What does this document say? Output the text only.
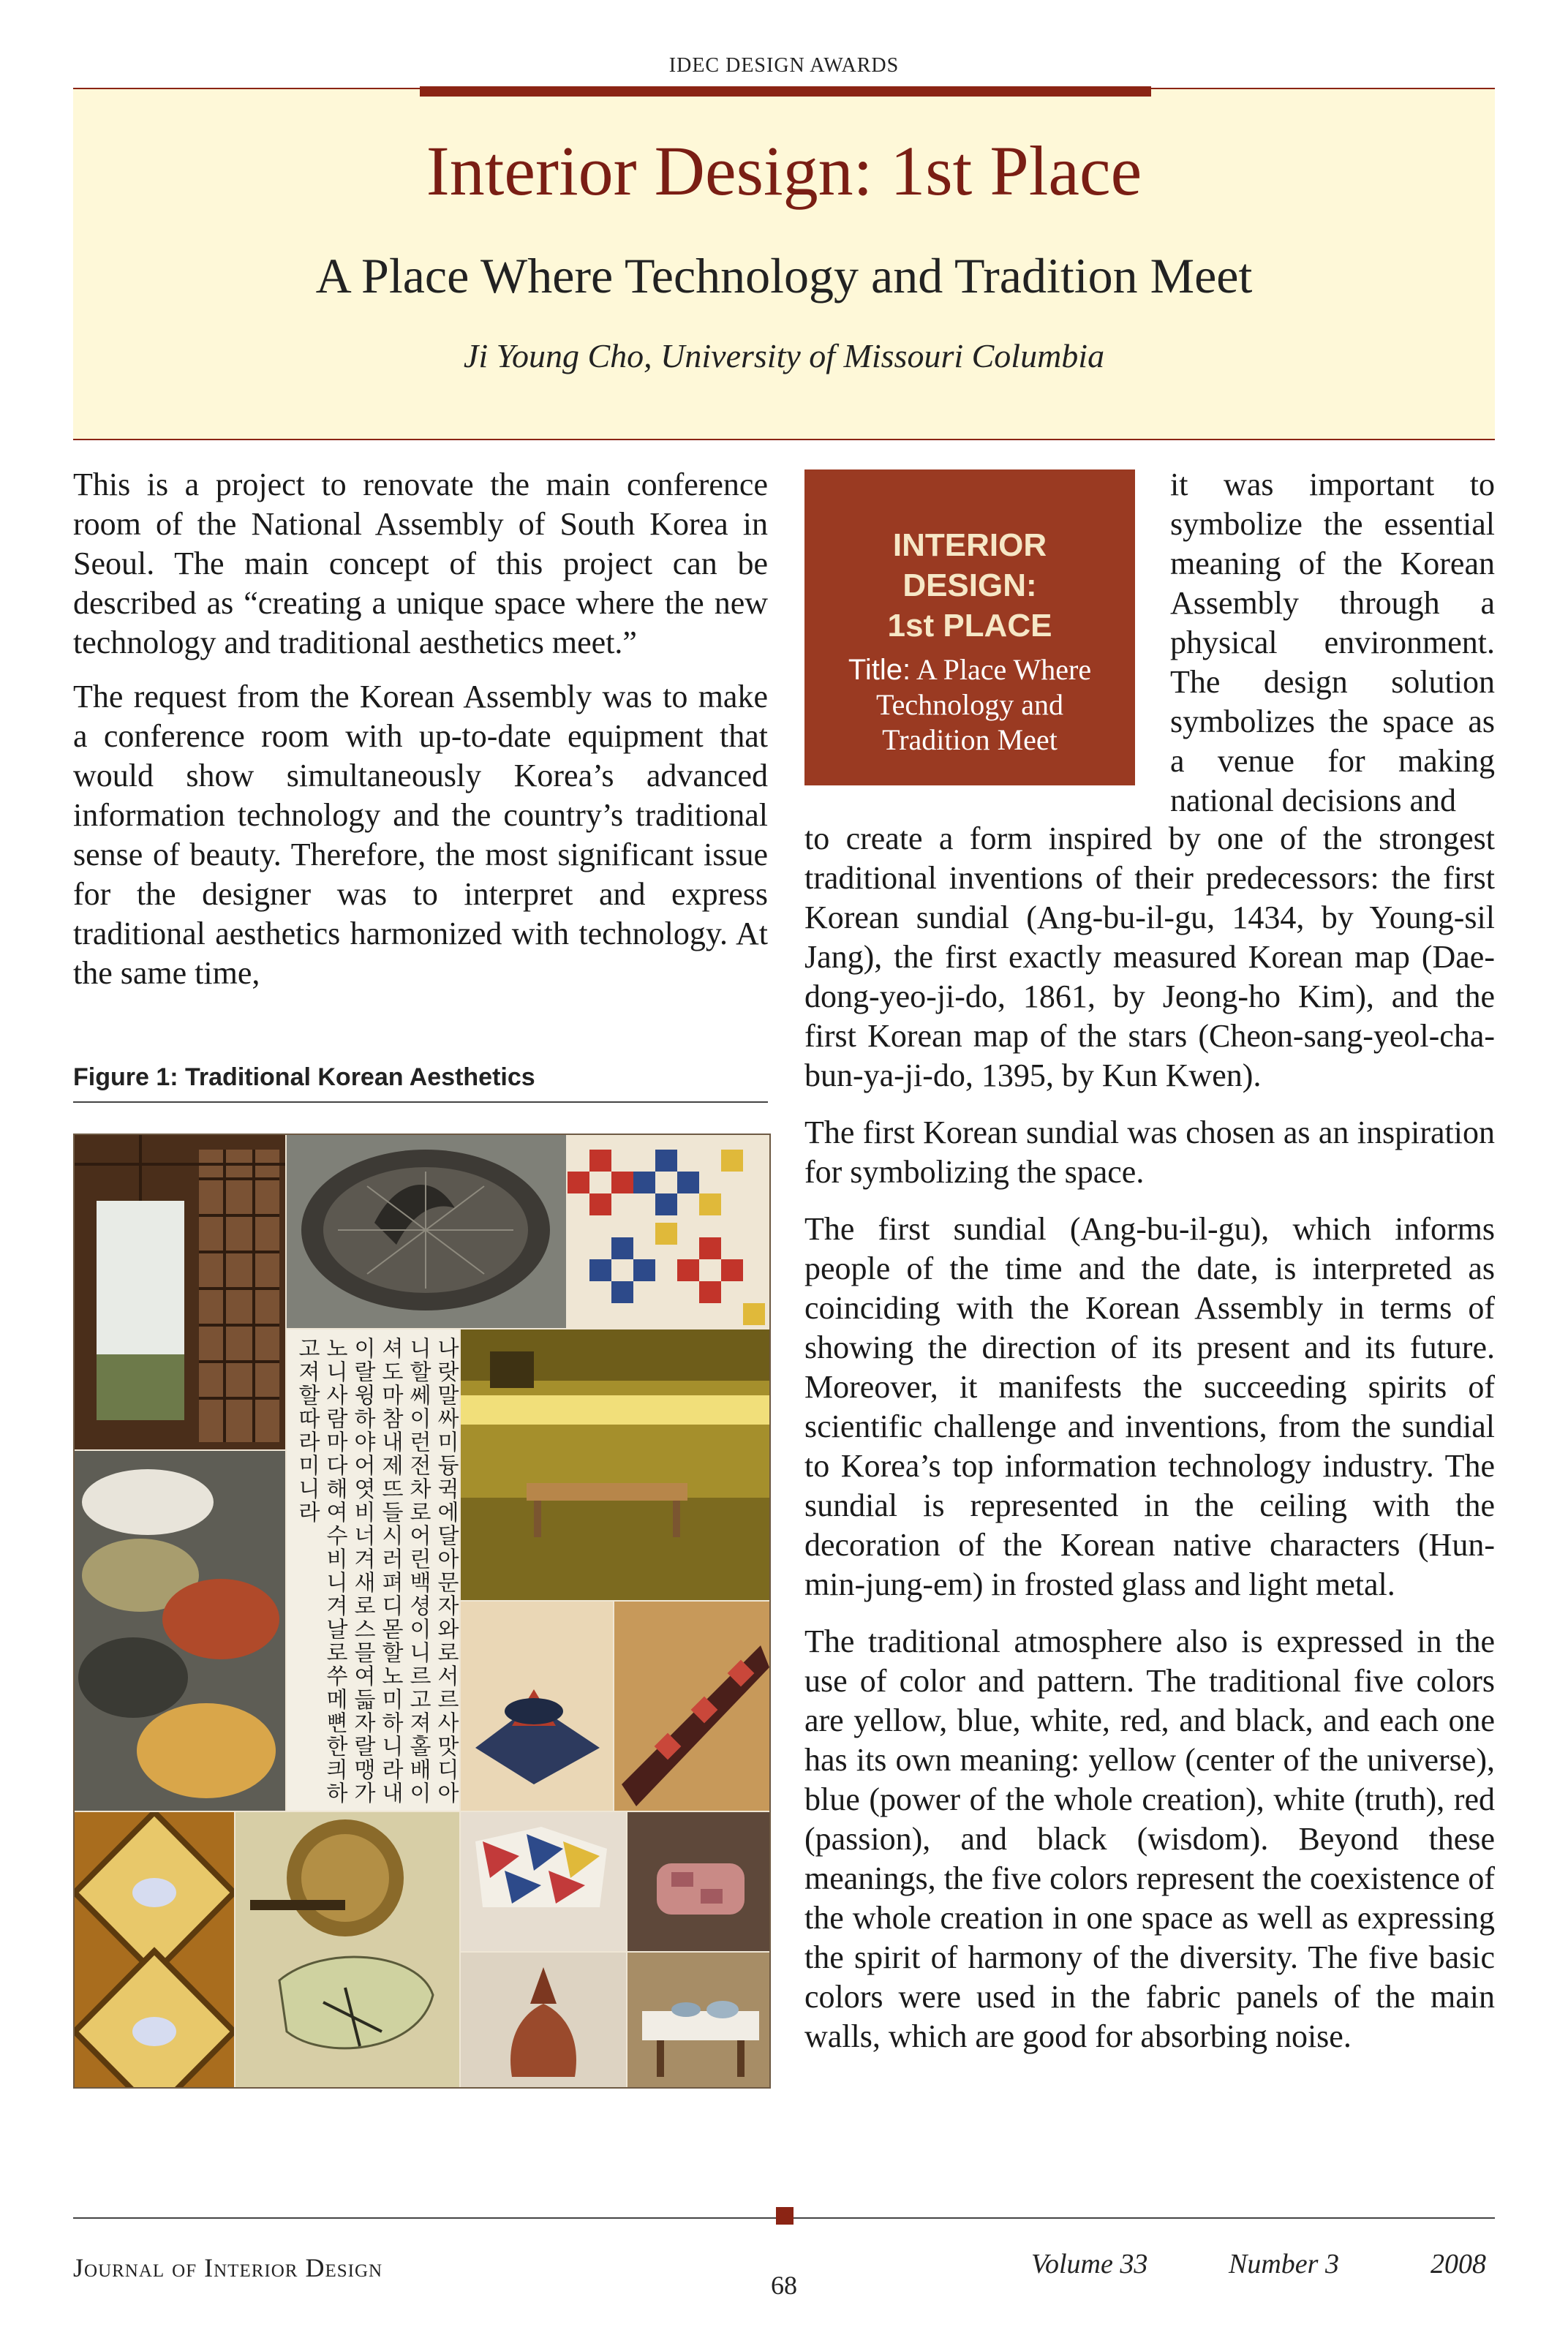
IDEC DESIGN AWARDS
Interior Design: 1st Place
A Place Where Technology and Tradition Meet
Ji Young Cho, University of Missouri Columbia

This is a project to renovate the main conference room of the National Assembly of South Korea in Seoul. The main concept of this project can be described as “creating a unique space where the new technology and traditional aesthetics meet.”

The request from the Korean Assembly was to make a conference room with up-to-date equipment that would show simultaneously Korea’s advanced information technology and the country’s traditional sense of beauty. Therefore, the most significant issue for the designer was to interpret and express traditional aesthetics harmonized with technology. At the same time,

INTERIOR
DESIGN:
1st PLACE
Title: A Place Where Technology and Tradition Meet

it was important to symbolize the essential meaning of the Korean Assembly through a physical environment. The design solution symbolizes the space as a venue for making national decisions and

to create a form inspired by one of the strongest traditional inventions of their predecessors: the first Korean sundial (Ang-bu-il-gu, 1434, by Young-sil Jang), the first exactly measured Korean map (Dae-dong-yeo-ji-do, 1861, by Jeong-ho Kim), and the first Korean map of the stars (Cheon-sang-yeol-cha-bun-ya-ji-do, 1395, by Kun Kwen).

The first Korean sundial was chosen as an inspiration for symbolizing the space.

The first sundial (Ang-bu-il-gu), which informs people of the time and the date, is interpreted as coinciding with the Korean Assembly in terms of showing the direction of its present and its future. Moreover, it manifests the succeeding spirits of scientific challenge and inventions, from the sundial to Korea’s top information technology industry. The sundial is represented in the ceiling with the decoration of the Korean native characters (Hun-min-jung-em) in frosted glass and light metal.

The traditional atmosphere also is expressed in the use of color and pattern. The traditional five colors are yellow, blue, white, red, and black, and each one has its own meaning: yellow (center of the universe), blue (power of the whole creation), white (truth), red (passion), and black (wisdom). Beyond these meanings, the five colors represent the coexistence of the whole creation in one space as well as expressing the spirit of harmony of the diversity. The five basic colors were used in the fabric panels of the main walls, which are good for absorbing noise.

Figure 1: Traditional Korean Aesthetics
나랏말싸미듕귁에달아문자와로서르사맛디아니할쎄이런전차로어린백셩이니르고져홀배이셔도마참내제뜨들시러펴디몯할노미하니라내이랄윙하야어엿비너겨새로스믈여듧자랄맹가노니사람마다해여수비니겨날로쑤메뼌한킈하고져할따라미니라
Journal of Interior Design
68
Volume 33	Number 3	2008
